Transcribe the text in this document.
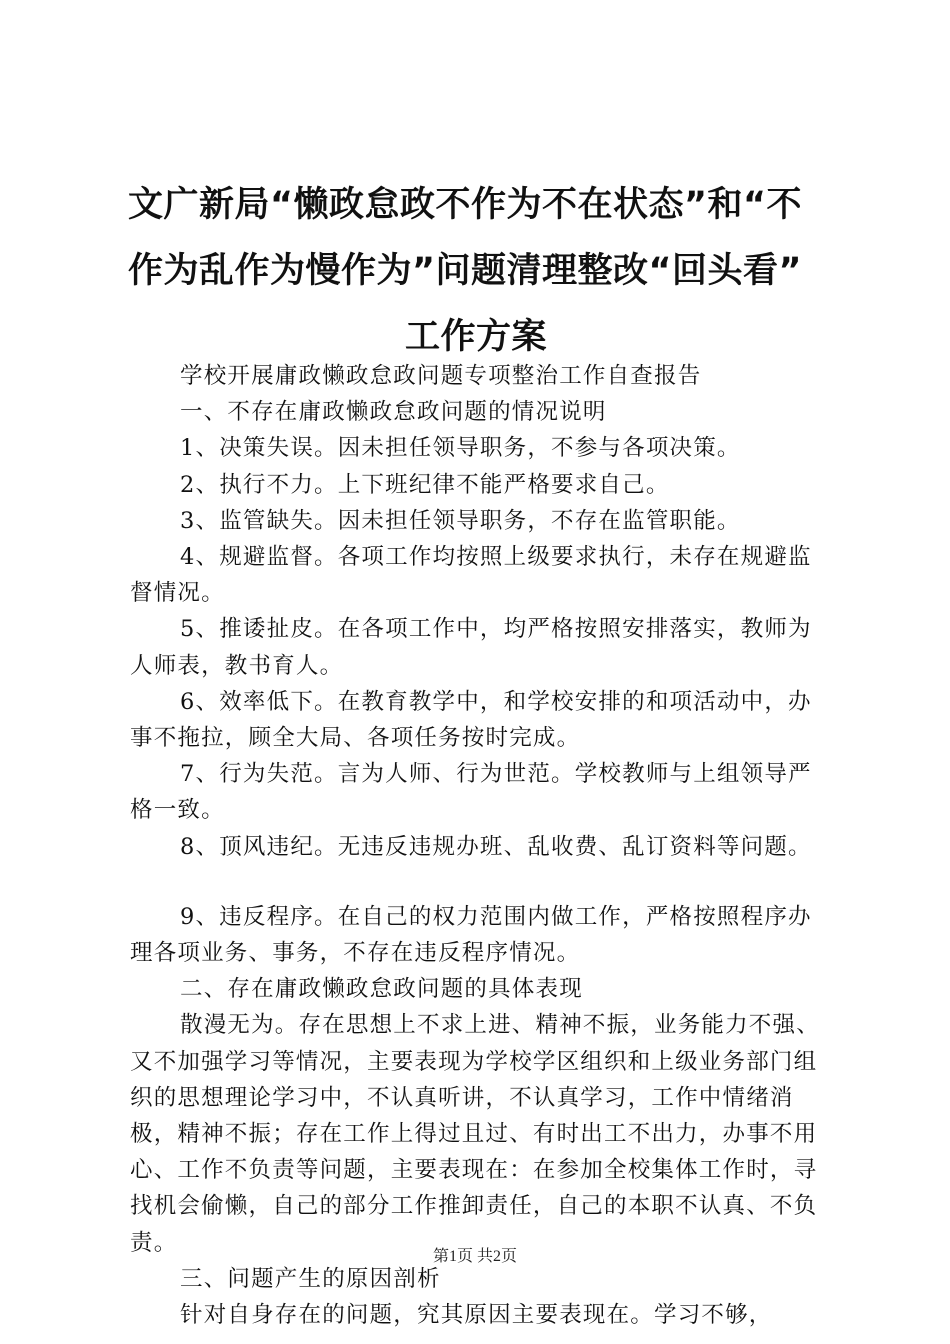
文广新局“懒政怠政不作为不在状态”和“不
作为乱作为慢作为”问题清理整改“回头看”
工作方案

学校开展庸政懒政怠政问题专项整治工作自查报告

一、不存在庸政懒政怠政问题的情况说明

1、决策失误。因未担任领导职务，不参与各项决策。

2、执行不力。上下班纪律不能严格要求自己。

3、监管缺失。因未担任领导职务，不存在监管职能。

4、规避监督。各项工作均按照上级要求执行，未存在规避监督情况。

5、推诿扯皮。在各项工作中，均严格按照安排落实，教师为人师表，教书育人。

6、效率低下。在教育教学中，和学校安排的和项活动中，办事不拖拉，顾全大局、各项任务按时完成。

7、行为失范。言为人师、行为世范。学校教师与上组领导严格一致。

8、顶风违纪。无违反违规办班、乱收费、乱订资料等问题。

9、违反程序。在自己的权力范围内做工作，严格按照程序办理各项业务、事务，不存在违反程序情况。

二、存在庸政懒政怠政问题的具体表现

散漫无为。存在思想上不求上进、精神不振，业务能力不强、又不加强学习等情况，主要表现为学校学区组织和上级业务部门组织的思想理论学习中，不认真听讲，不认真学习，工作中情绪消极，精神不振；存在工作上得过且过、有时出工不出力，办事不用心、工作不负责等问题，主要表现在：在参加全校集体工作时，寻找机会偷懒，自己的部分工作推卸责任，自己的本职不认真、不负责。

三、问题产生的原因剖析

针对自身存在的问题，究其原因主要表现在。学习不够，

第1页 共2页
